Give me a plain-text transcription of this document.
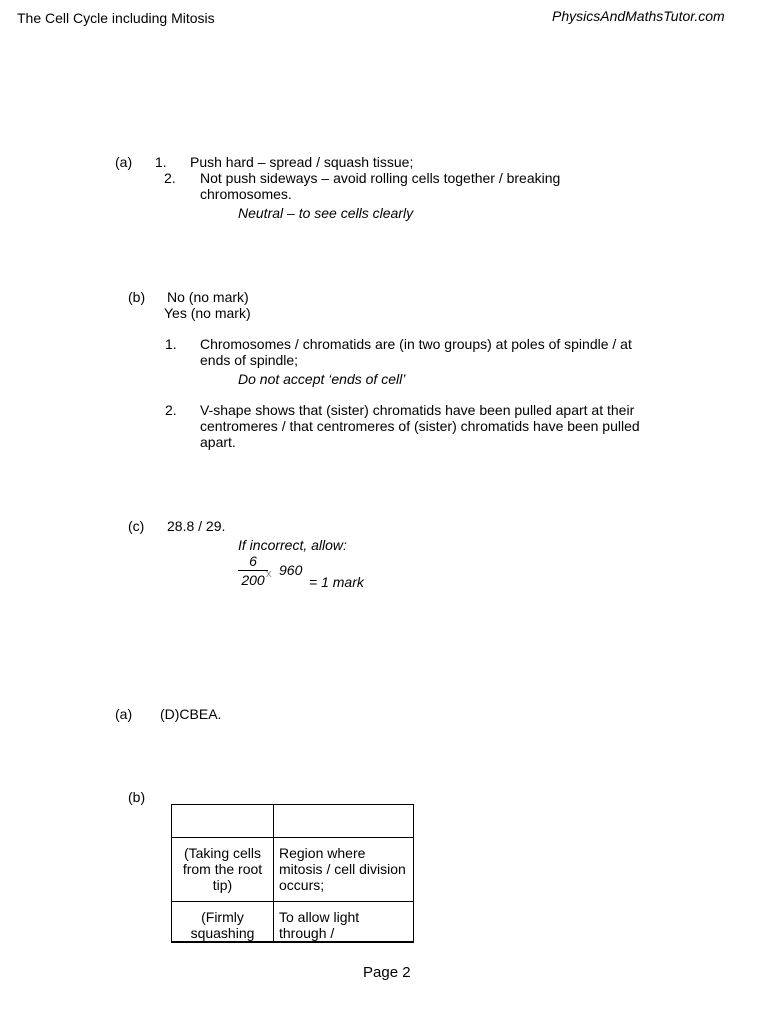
The Cell Cycle including Mitosis	PhysicsAndMathsTutor.com
(a) 1. Push hard – spread / squash tissue;
2. Not push sideways – avoid rolling cells together / breaking
chromosomes.
Neutral – to see cells clearly
(b) No (no mark)
Yes (no mark)
1. Chromosomes / chromatids are (in two groups) at poles of spindle / at
ends of spindle;
Do not accept ‘ends of cell’
2. V-shape shows that (sister) chromatids have been pulled apart at their
centromeres / that centromeres of (sister) chromatids have been pulled
apart.
(c) 28.8 / 29.
If incorrect, allow:
6
200 x 960
= 1 mark
(a) (D)CBEA.
(b)

(Taking cells from the root tip)	Region where mitosis / cell division occurs;
(Firmly squashing	To allow light through /
Page 2
